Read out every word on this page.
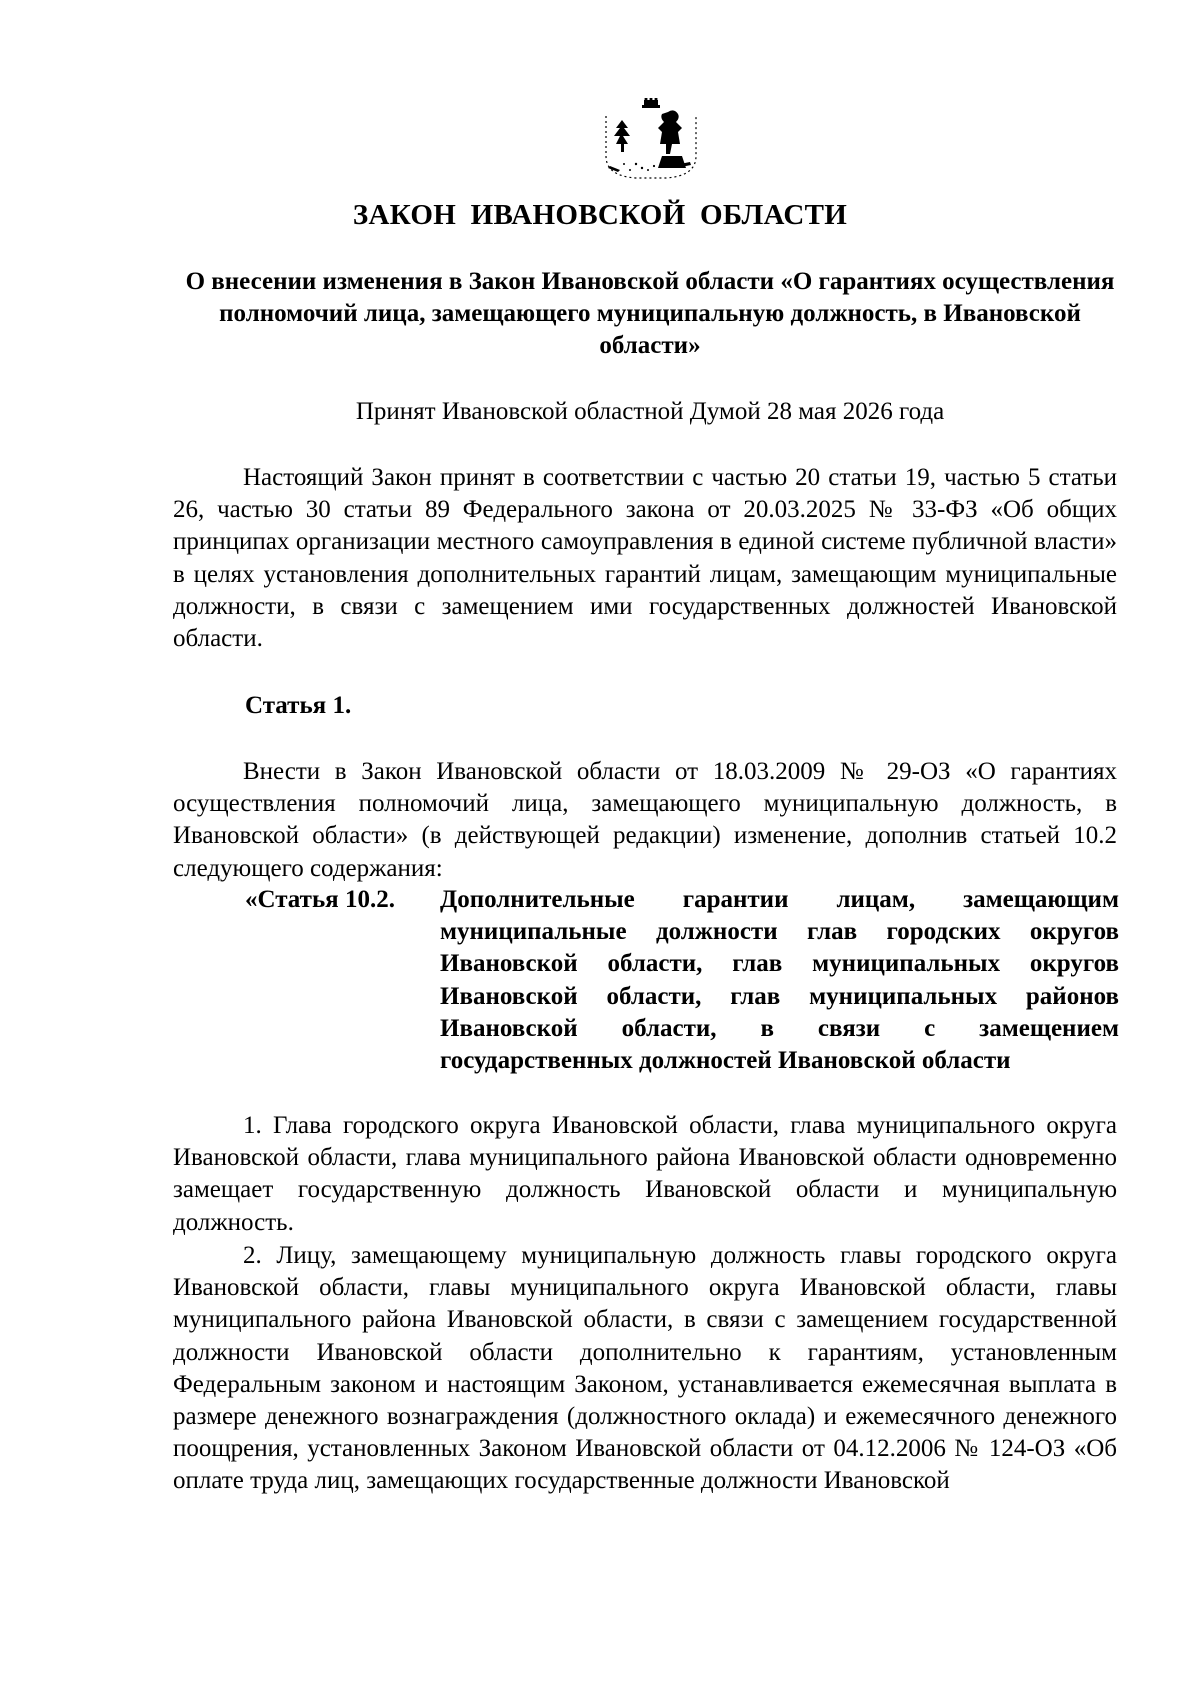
ЗАКОН ИВАНОВСКОЙ ОБЛАСТИ
О внесении изменения в Закон Ивановской области «О гарантиях осуществления полномочий лица, замещающего муниципальную должность, в Ивановской области»
Принят Ивановской областной Думой 28 мая 2026 года

Настоящий Закон принят в соответствии с частью 20 статьи 19, частью 5 статьи 26, частью 30 статьи 89 Федерального закона от 20.03.2025 № 33-ФЗ «Об общих принципах организации местного самоуправления в единой системе публичной власти» в целях установления дополнительных гарантий лицам, замещающим муниципальные должности, в связи с замещением ими государственных должностей Ивановской области.

Статья 1.

Внести в Закон Ивановской области от 18.03.2009 № 29-ОЗ «О гарантиях осуществления полномочий лица, замещающего муниципальную должность, в Ивановской области» (в действующей редакции) изменение, дополнив статьей 10.2 следующего содержания:

«Статья 10.2.	Дополнительные гарантии лицам, замещающим муниципальные должности глав городских округов Ивановской области, глав муниципальных округов Ивановской области, глав муниципальных районов Ивановской области, в связи с замещением государственных должностей Ивановской области

1. Глава городского округа Ивановской области, глава муниципального округа Ивановской области, глава муниципального района Ивановской области одновременно замещает государственную должность Ивановской области и муниципальную должность.

2. Лицу, замещающему муниципальную должность главы городского округа Ивановской области, главы муниципального округа Ивановской области, главы муниципального района Ивановской области, в связи с замещением государственной должности Ивановской области дополнительно к гарантиям, установленным Федеральным законом и настоящим Законом, устанавливается ежемесячная выплата в размере денежного вознаграждения (должностного оклада) и ежемесячного денежного поощрения, установленных Законом Ивановской области от 04.12.2006 № 124-ОЗ «Об оплате труда лиц, замещающих государственные должности Ивановской
